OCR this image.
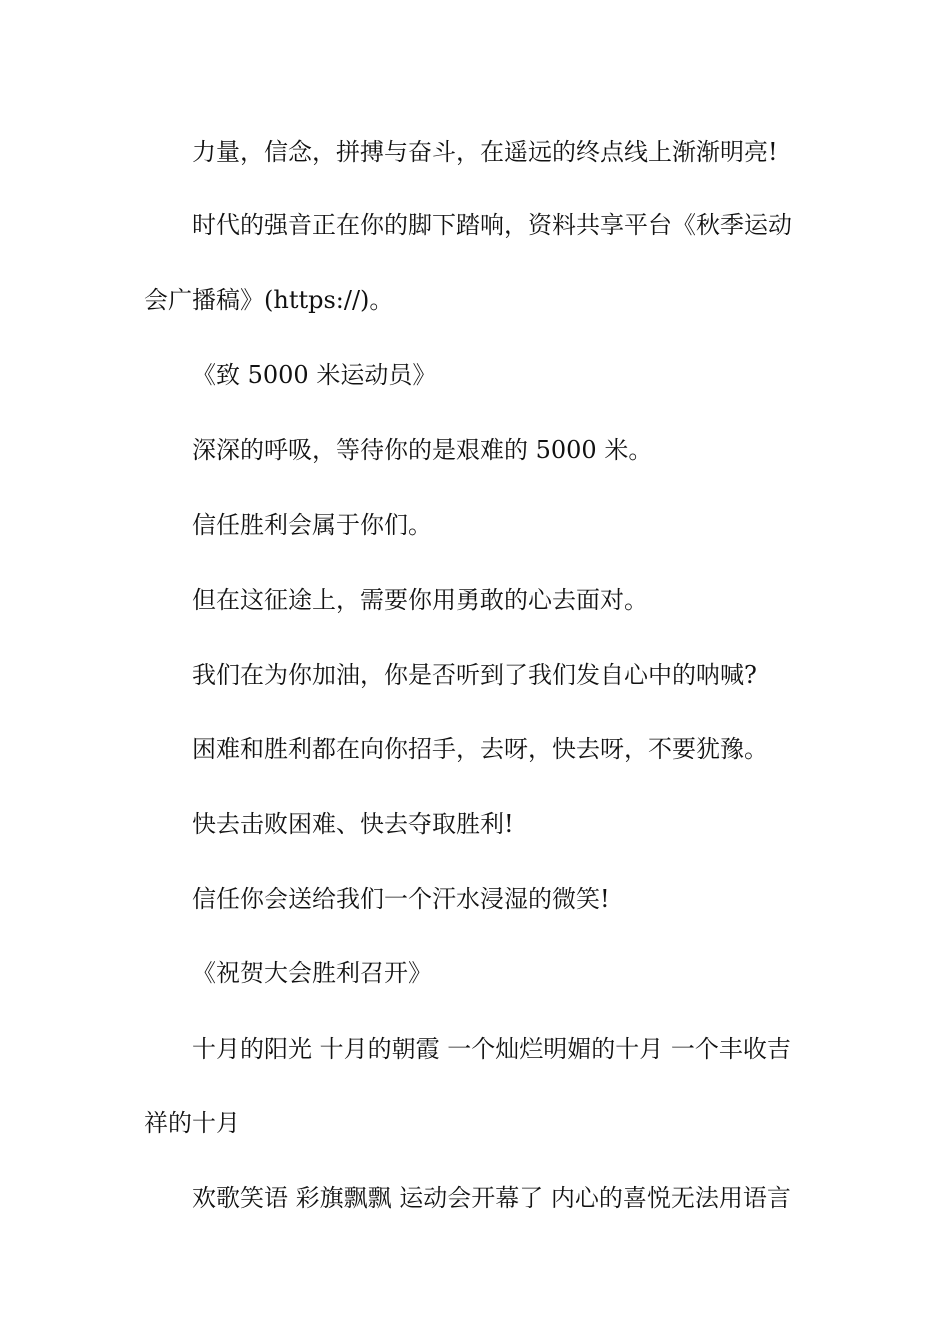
力量，信念，拼搏与奋斗，在遥远的终点线上渐渐明亮!
时代的强音正在你的脚下踏响，资料共享平台《秋季运动
会广播稿》(https://)。
《致 5000 米运动员》
深深的呼吸，等待你的是艰难的 5000 米。
信任胜利会属于你们。
但在这征途上，需要你用勇敢的心去面对。
我们在为你加油，你是否听到了我们发自心中的呐喊?
困难和胜利都在向你招手，去呀，快去呀，不要犹豫。
快去击败困难、快去夺取胜利!
信任你会送给我们一个汗水浸湿的微笑!
《祝贺大会胜利召开》
十月的阳光 十月的朝霞 一个灿烂明媚的十月 一个丰收吉
祥的十月
欢歌笑语 彩旗飘飘 运动会开幕了 内心的喜悦无法用语言
